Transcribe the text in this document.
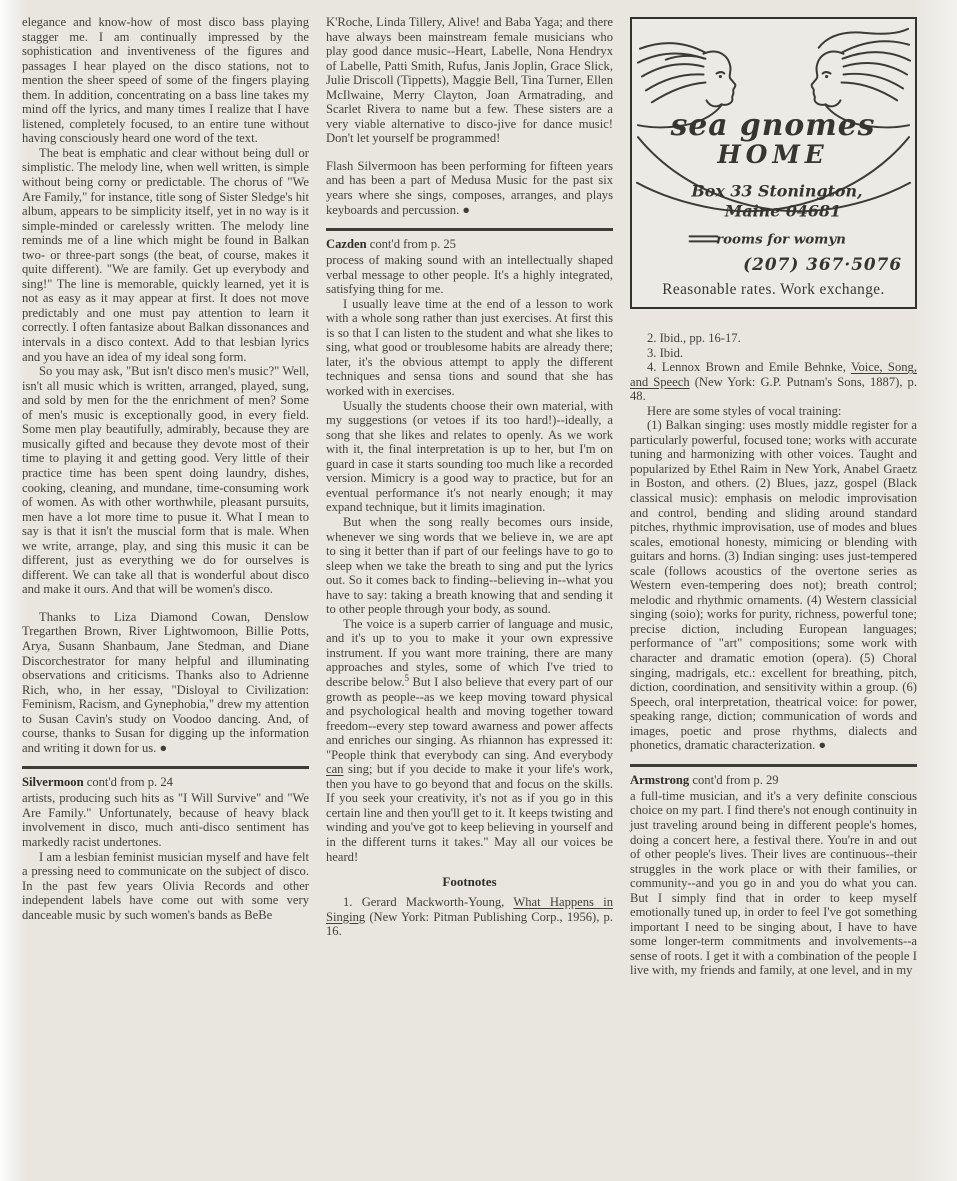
elegance and know-how of most disco bass playing stagger me. I am continually impressed by the sophistication and inventiveness of the figures and passages I hear played on the disco stations, not to mention the sheer speed of some of the fingers playing them. In addition, concentrating on a bass line takes my mind off the lyrics, and many times I realize that I have listened, completely focused, to an entire tune without having consciously heard one word of the text.

The beat is emphatic and clear without being dull or simplistic. The melody line, when well written, is simple without being corny or predictable. The chorus of "We Are Family," for instance, title song of Sister Sledge's hit album, appears to be simplicity itself, yet in no way is it simple-minded or carelessly written. The melody line reminds me of a line which might be found in Balkan two- or three-part songs (the beat, of course, makes it quite different). "We are family. Get up everybody and sing!" The line is memorable, quickly learned, yet it is not as easy as it may appear at first. It does not move predictably and one must pay attention to learn it correctly. I often fantasize about Balkan dissonances and intervals in a disco context. Add to that lesbian lyrics and you have an idea of my ideal song form.

So you may ask, "But isn't disco men's music?" Well, isn't all music which is written, arranged, played, sung, and sold by men for the the enrichment of men? Some of men's music is exceptionally good, in every field. Some men play beautifully, admirably, because they are musically gifted and because they devote most of their time to playing it and getting good. Very little of their practice time has been spent doing laundry, dishes, cooking, cleaning, and mundane, time-consuming work of women. As with other worthwhile, pleasant pursuits, men have a lot more time to pusue it. What I mean to say is that it isn't the muscial form that is male. When we write, arrange, play, and sing this music it can be different, just as everything we do for ourselves is different. We can take all that is wonderful about disco and make it ours. And that will be women's disco.

Thanks to Liza Diamond Cowan, Denslow Tregarthen Brown, River Lightwomoon, Billie Potts, Arya, Susann Shanbaum, Jane Stedman, and Diane Discorchestrator for many helpful and illuminating observations and criticisms. Thanks also to Adrienne Rich, who, in her essay, "Disloyal to Civilization: Feminism, Racism, and Gynephobia," drew my attention to Susan Cavin's study on Voodoo dancing. And, of course, thanks to Susan for digging up the information and writing it down for us. ●

Silvermoon cont'd from p. 24

artists, producing such hits as "I Will Survive" and "We Are Family." Unfortunately, because of heavy black involvement in disco, much anti-disco sentiment has markedly racist undertones.

I am a lesbian feminist musician myself and have felt a pressing need to communicate on the subject of disco. In the past few years Olivia Records and other independent labels have come out with some very danceable music by such women's bands as BeBe

K'Roche, Linda Tillery, Alive! and Baba Yaga; and there have always been mainstream female musicians who play good dance music--Heart, Labelle, Nona Hendryx of Labelle, Patti Smith, Rufus, Janis Joplin, Grace Slick, Julie Driscoll (Tippetts), Maggie Bell, Tina Turner, Ellen McIlwaine, Merry Clayton, Joan Armatrading, and Scarlet Rivera to name but a few. These sisters are a very viable alternative to disco-jive for dance music! Don't let yourself be programmed!

Flash Silvermoon has been performing for fifteen years and has been a part of Medusa Music for the past six years where she sings, composes, arranges, and plays keyboards and percussion. ●

Cazden cont'd from p. 25

process of making sound with an intellectually shaped verbal message to other people. It's a highly integrated, satisfying thing for me.

I usually leave time at the end of a lesson to work with a whole song rather than just exercises. At first this is so that I can listen to the student and what she likes to sing, what good or troublesome habits are already there; later, it's the obvious attempt to apply the different techniques and sensa tions and sound that she has worked with in exercises.

Usually the students choose their own material, with my suggestions (or vetoes if its too hard!)--ideally, a song that she likes and relates to openly. As we work with it, the final interpretation is up to her, but I'm on guard in case it starts sounding too much like a recorded version. Mimicry is a good way to practice, but for an eventual performance it's not nearly enough; it may expand technique, but it limits imagination.

But when the song really becomes ours inside, whenever we sing words that we believe in, we are apt to sing it better than if part of our feelings have to go to sleep when we take the breath to sing and put the lyrics out. So it comes back to finding--believing in--what you have to say: taking a breath knowing that and sending it to other people through your body, as sound.

The voice is a superb carrier of language and music, and it's up to you to make it your own expressive instrument. If you want more training, there are many approaches and styles, some of which I've tried to describe below.$^5$ But I also believe that every part of our growth as people--as we keep moving toward physical and psychological health and moving together toward freedom--every step toward awarness and power affects and enriches our singing. As rhiannon has expressed it: "People think that everybody can sing. And everybody can sing; but if you decide to make it your life's work, then you have to go beyond that and focus on the skills. If you seek your creativity, it's not as if you go in this certain line and then you'll get to it. It keeps twisting and winding and you've got to keep believing in yourself and in the different turns it takes." May all our voices be heard!

Footnotes

1. Gerard Mackworth-Young, What Happens in Singing (New York: Pitman Publishing Corp., 1956), p. 16.

sea gnomes
HOME
Box 33 Stonington,
Maine 04681
rooms for womyn
(207) 367·5076
Reasonable rates. Work exchange.

2. Ibid., pp. 16-17.

3. Ibid.

4. Lennox Brown and Emile Behnke, Voice, Song, and Speech (New York: G.P. Putnam's Sons, 1887), p. 48.

Here are some styles of vocal training:

(1) Balkan singing: uses mostly middle register for a particularly powerful, focused tone; works with accurate tuning and harmonizing with other voices. Taught and popularized by Ethel Raim in New York, Anabel Graetz in Boston, and others. (2) Blues, jazz, gospel (Black classical music): emphasis on melodic improvisation and control, bending and sliding around standard pitches, rhythmic improvisation, use of modes and blues scales, emotional honesty, mimicing or blending with guitars and horns. (3) Indian singing: uses just-tempered scale (follows acoustics of the overtone series as Western even-tempering does not); breath control; melodic and rhythmic ornaments. (4) Western classicial singing (soio); works for purity, richness, powerful tone; precise diction, including European languages; performance of "art" compositions; some work with character and dramatic emotion (opera). (5) Choral singing, madrigals, etc.: excellent for breathing, pitch, diction, coordination, and sensitivity within a group. (6) Speech, oral interpretation, theatrical voice: for power, speaking range, diction; communication of words and images, poetic and prose rhythms, dialects and phonetics, dramatic characterization. ●

Armstrong cont'd from p. 29

a full-time musician, and it's a very definite conscious choice on my part. I find there's not enough continuity in just traveling around being in different people's homes, doing a concert here, a festival there. You're in and out of other people's lives. Their lives are continuous--their struggles in the work place or with their families, or community--and you go in and you do what you can. But I simply find that in order to keep myself emotionally tuned up, in order to feel I've got something important I need to be singing about, I have to have some longer-term commitments and involvements--a sense of roots. I get it with a combination of the people I live with, my friends and family, at one level, and in my
